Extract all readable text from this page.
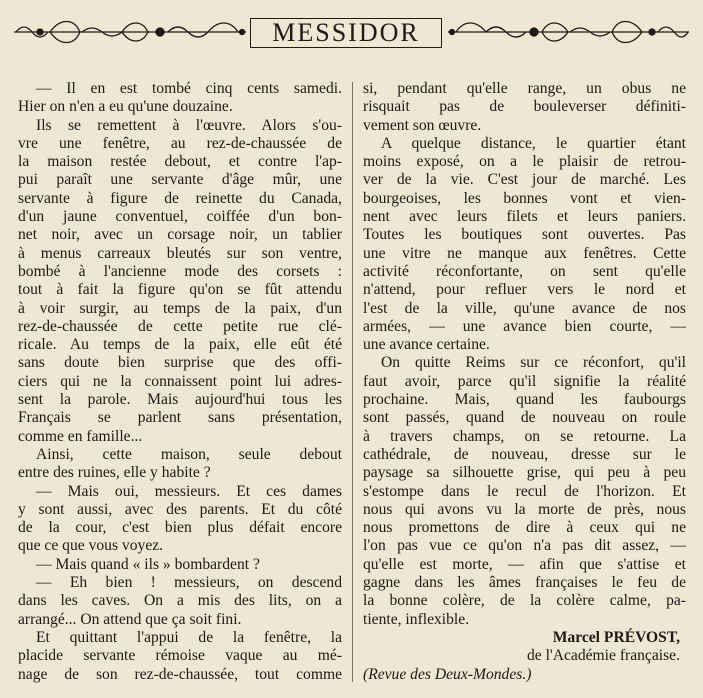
MESSIDOR
— Il en est tombé cinq cents samedi.
Hier on n'en a eu qu'une douzaine.
Ils se remettent à l'œuvre. Alors s'ou-
vre une fenêtre, au rez-de-chaussée de
la maison restée debout, et contre l'ap-
pui paraît une servante d'âge mûr, une
servante à figure de reinette du Canada,
d'un jaune conventuel, coiffée d'un bon-
net noir, avec un corsage noir, un tablier
à menus carreaux bleutés sur son ventre,
bombé à l'ancienne mode des corsets :
tout à fait la figure qu'on se fût attendu
à voir surgir, au temps de la paix, d'un
rez-de-chaussée de cette petite rue clé-
ricale. Au temps de la paix, elle eût été
sans doute bien surprise que des offi-
ciers qui ne la connaissent point lui adres-
sent la parole. Mais aujourd'hui tous les
Français se parlent sans présentation,
comme en famille...
Ainsi, cette maison, seule debout
entre des ruines, elle y habite ?
— Mais oui, messieurs. Et ces dames
y sont aussi, avec des parents. Et du côté
de la cour, c'est bien plus défait encore
que ce que vous voyez.
— Mais quand « ils » bombardent ?
— Eh bien ! messieurs, on descend
dans les caves. On a mis des lits, on a
arrangé... On attend que ça soit fini.
Et quittant l'appui de la fenêtre, la
placide servante rémoise vaque au mé-
nage de son rez-de-chaussée, tout comme
si, pendant qu'elle range, un obus ne
risquait pas de bouleverser définiti-
vement son œuvre.
A quelque distance, le quartier étant
moins exposé, on a le plaisir de retrou-
ver de la vie. C'est jour de marché. Les
bourgeoises, les bonnes vont et vien-
nent avec leurs filets et leurs paniers.
Toutes les boutiques sont ouvertes. Pas
une vitre ne manque aux fenêtres. Cette
activité réconfortante, on sent qu'elle
n'attend, pour refluer vers le nord et
l'est de la ville, qu'une avance de nos
armées, — une avance bien courte, —
une avance certaine.
On quitte Reims sur ce réconfort, qu'il
faut avoir, parce qu'il signifie la réalité
prochaine. Mais, quand les faubourgs
sont passés, quand de nouveau on roule
à travers champs, on se retourne. La
cathédrale, de nouveau, dresse sur le
paysage sa silhouette grise, qui peu à peu
s'estompe dans le recul de l'horizon. Et
nous qui avons vu la morte de près, nous
nous promettons de dire à ceux qui ne
l'on pas vue ce qu'on n'a pas dit assez, —
qu'elle est morte, — afin que s'attise et
gagne dans les âmes françaises le feu de
la bonne colère, de la colère calme, pa-
tiente, inflexible.
Marcel PRÉVOST,
de l'Académie française.
(Revue des Deux-Mondes.)
